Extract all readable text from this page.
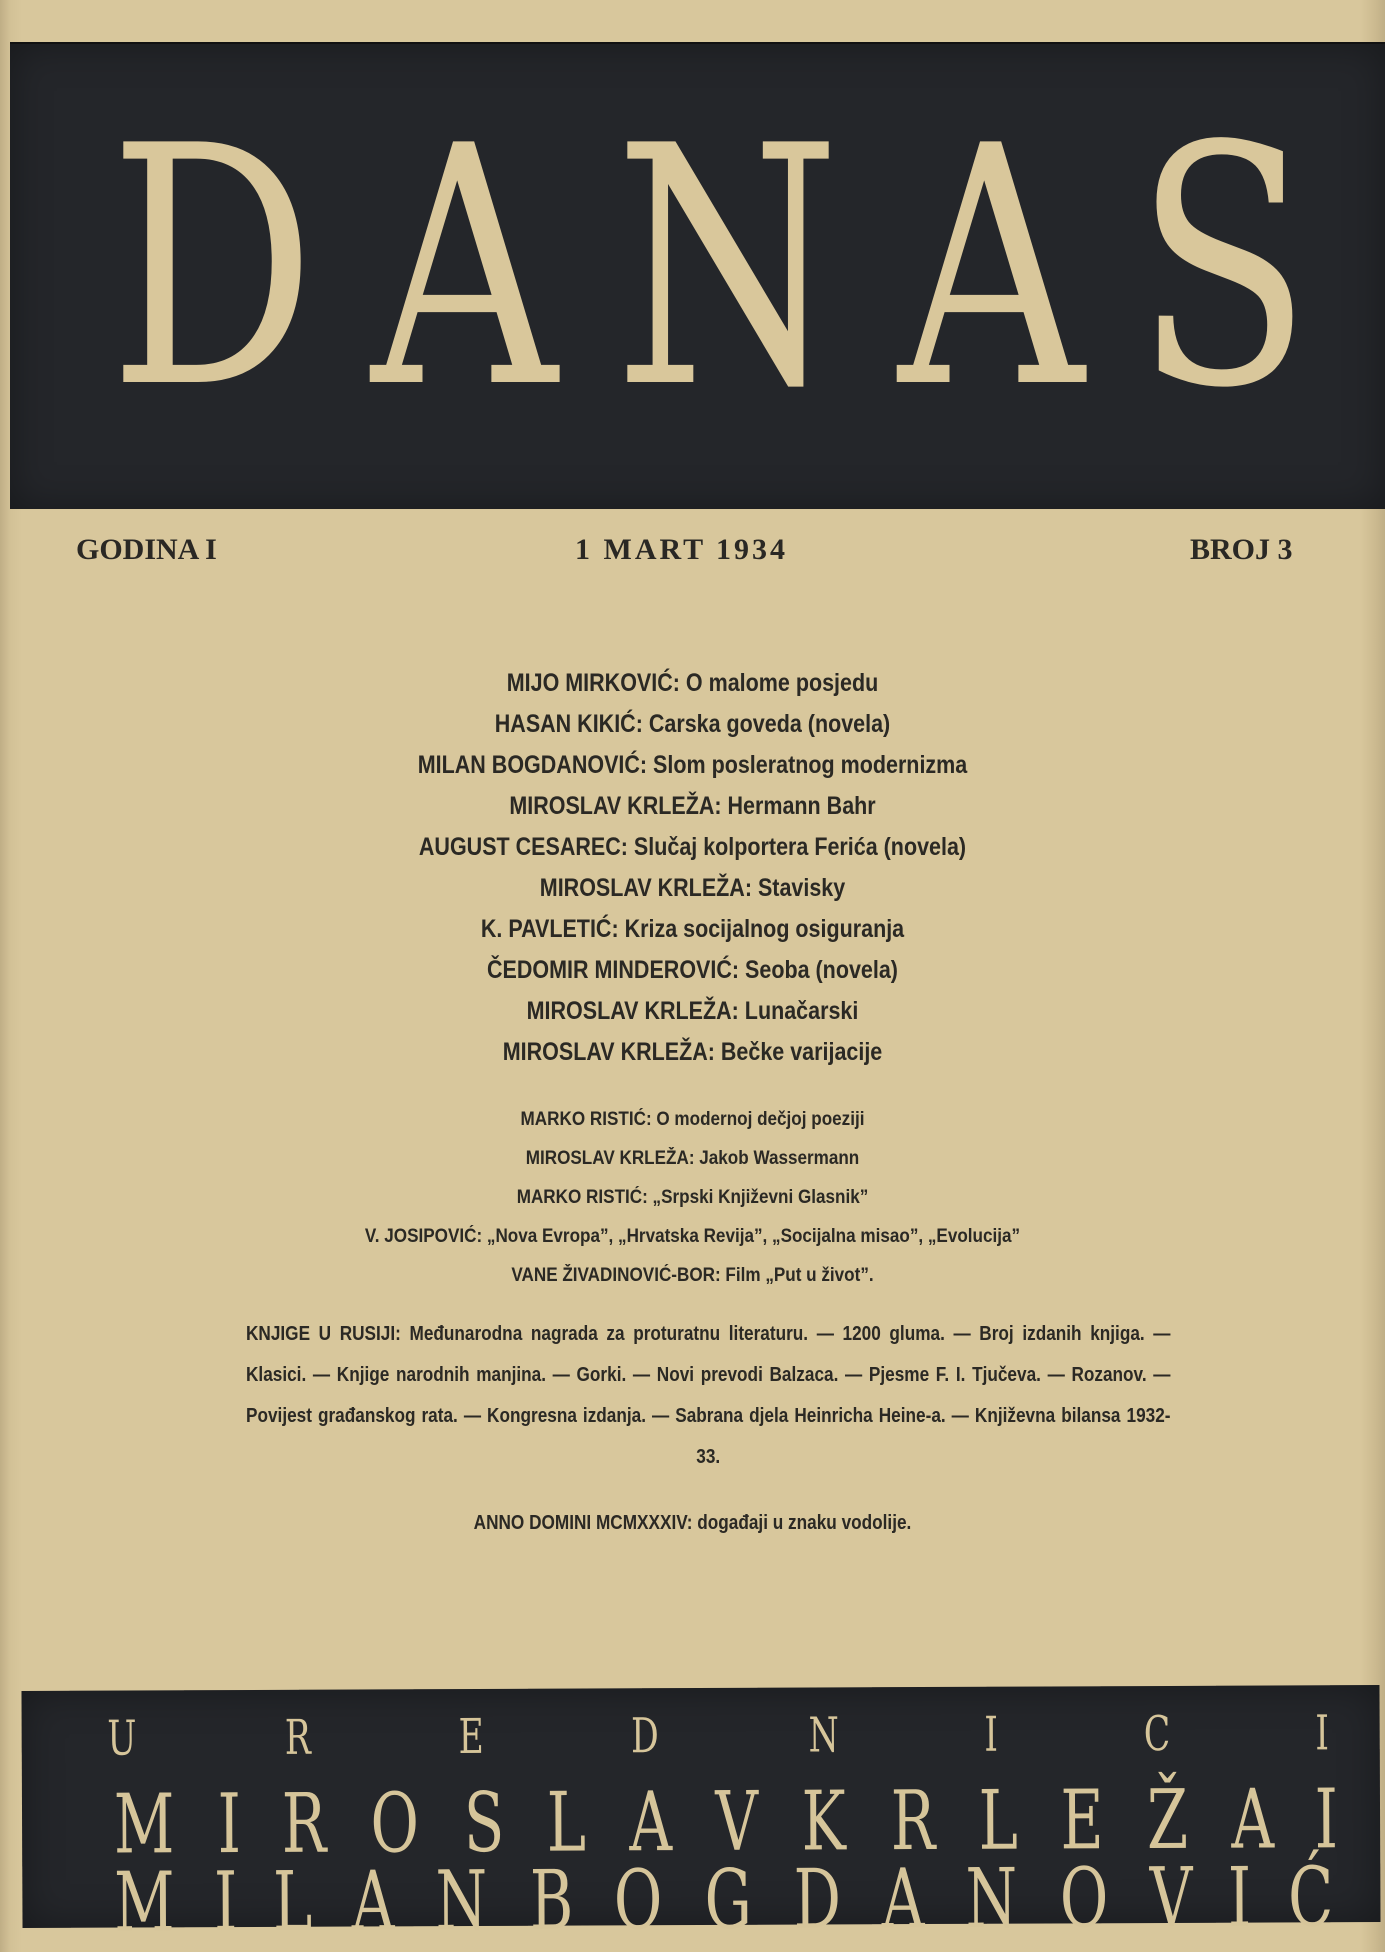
D A N A S
GODINA I	1 MART 1934	BROJ 3
MIJO MIRKOVIĆ: O malome posjedu
HASAN KIKIĆ: Carska goveda (novela)
MILAN BOGDANOVIĆ: Slom posleratnog modernizma
MIROSLAV KRLEŽA: Hermann Bahr
AUGUST CESAREC: Slučaj kolportera Ferića (novela)
MIROSLAV KRLEŽA: Stavisky
K. PAVLETIĆ: Kriza socijalnog osiguranja
ČEDOMIR MINDEROVIĆ: Seoba (novela)
MIROSLAV KRLEŽA: Lunačarski
MIROSLAV KRLEŽA: Bečke varijacije
MARKO RISTIĆ: O modernoj dečjoj poeziji
MIROSLAV KRLEŽA: Jakob Wassermann
MARKO RISTIĆ: „Srpski Književni Glasnik”
V. JOSIPOVIĆ: „Nova Evropa”, „Hrvatska Revija”, „Socijalna misao”, „Evolucija”
VANE ŽIVADINOVIĆ-BOR: Film „Put u život”.
KNJIGE U RUSIJI: Međunarodna nagrada za proturatnu literaturu. — 1200 gluma. — Broj izdanih knjiga. — Klasici. — Knjige narodnih manjina. — Gorki. — Novi prevodi Balzaca. — Pjesme F. I. Tjučeva. — Rozanov. — Povijest građanskog rata. — Kongresna izdanja. — Sabrana djela Heinricha Heine-a. — Književna bilansa 1932-33.
ANNO DOMINI MCMXXXIV: događaji u znaku vodolije.
U	R	E	D	N	I	C	I
M I R O S L A V K R L E Ž A I
M I L A N B O G D A N O V I Ć
